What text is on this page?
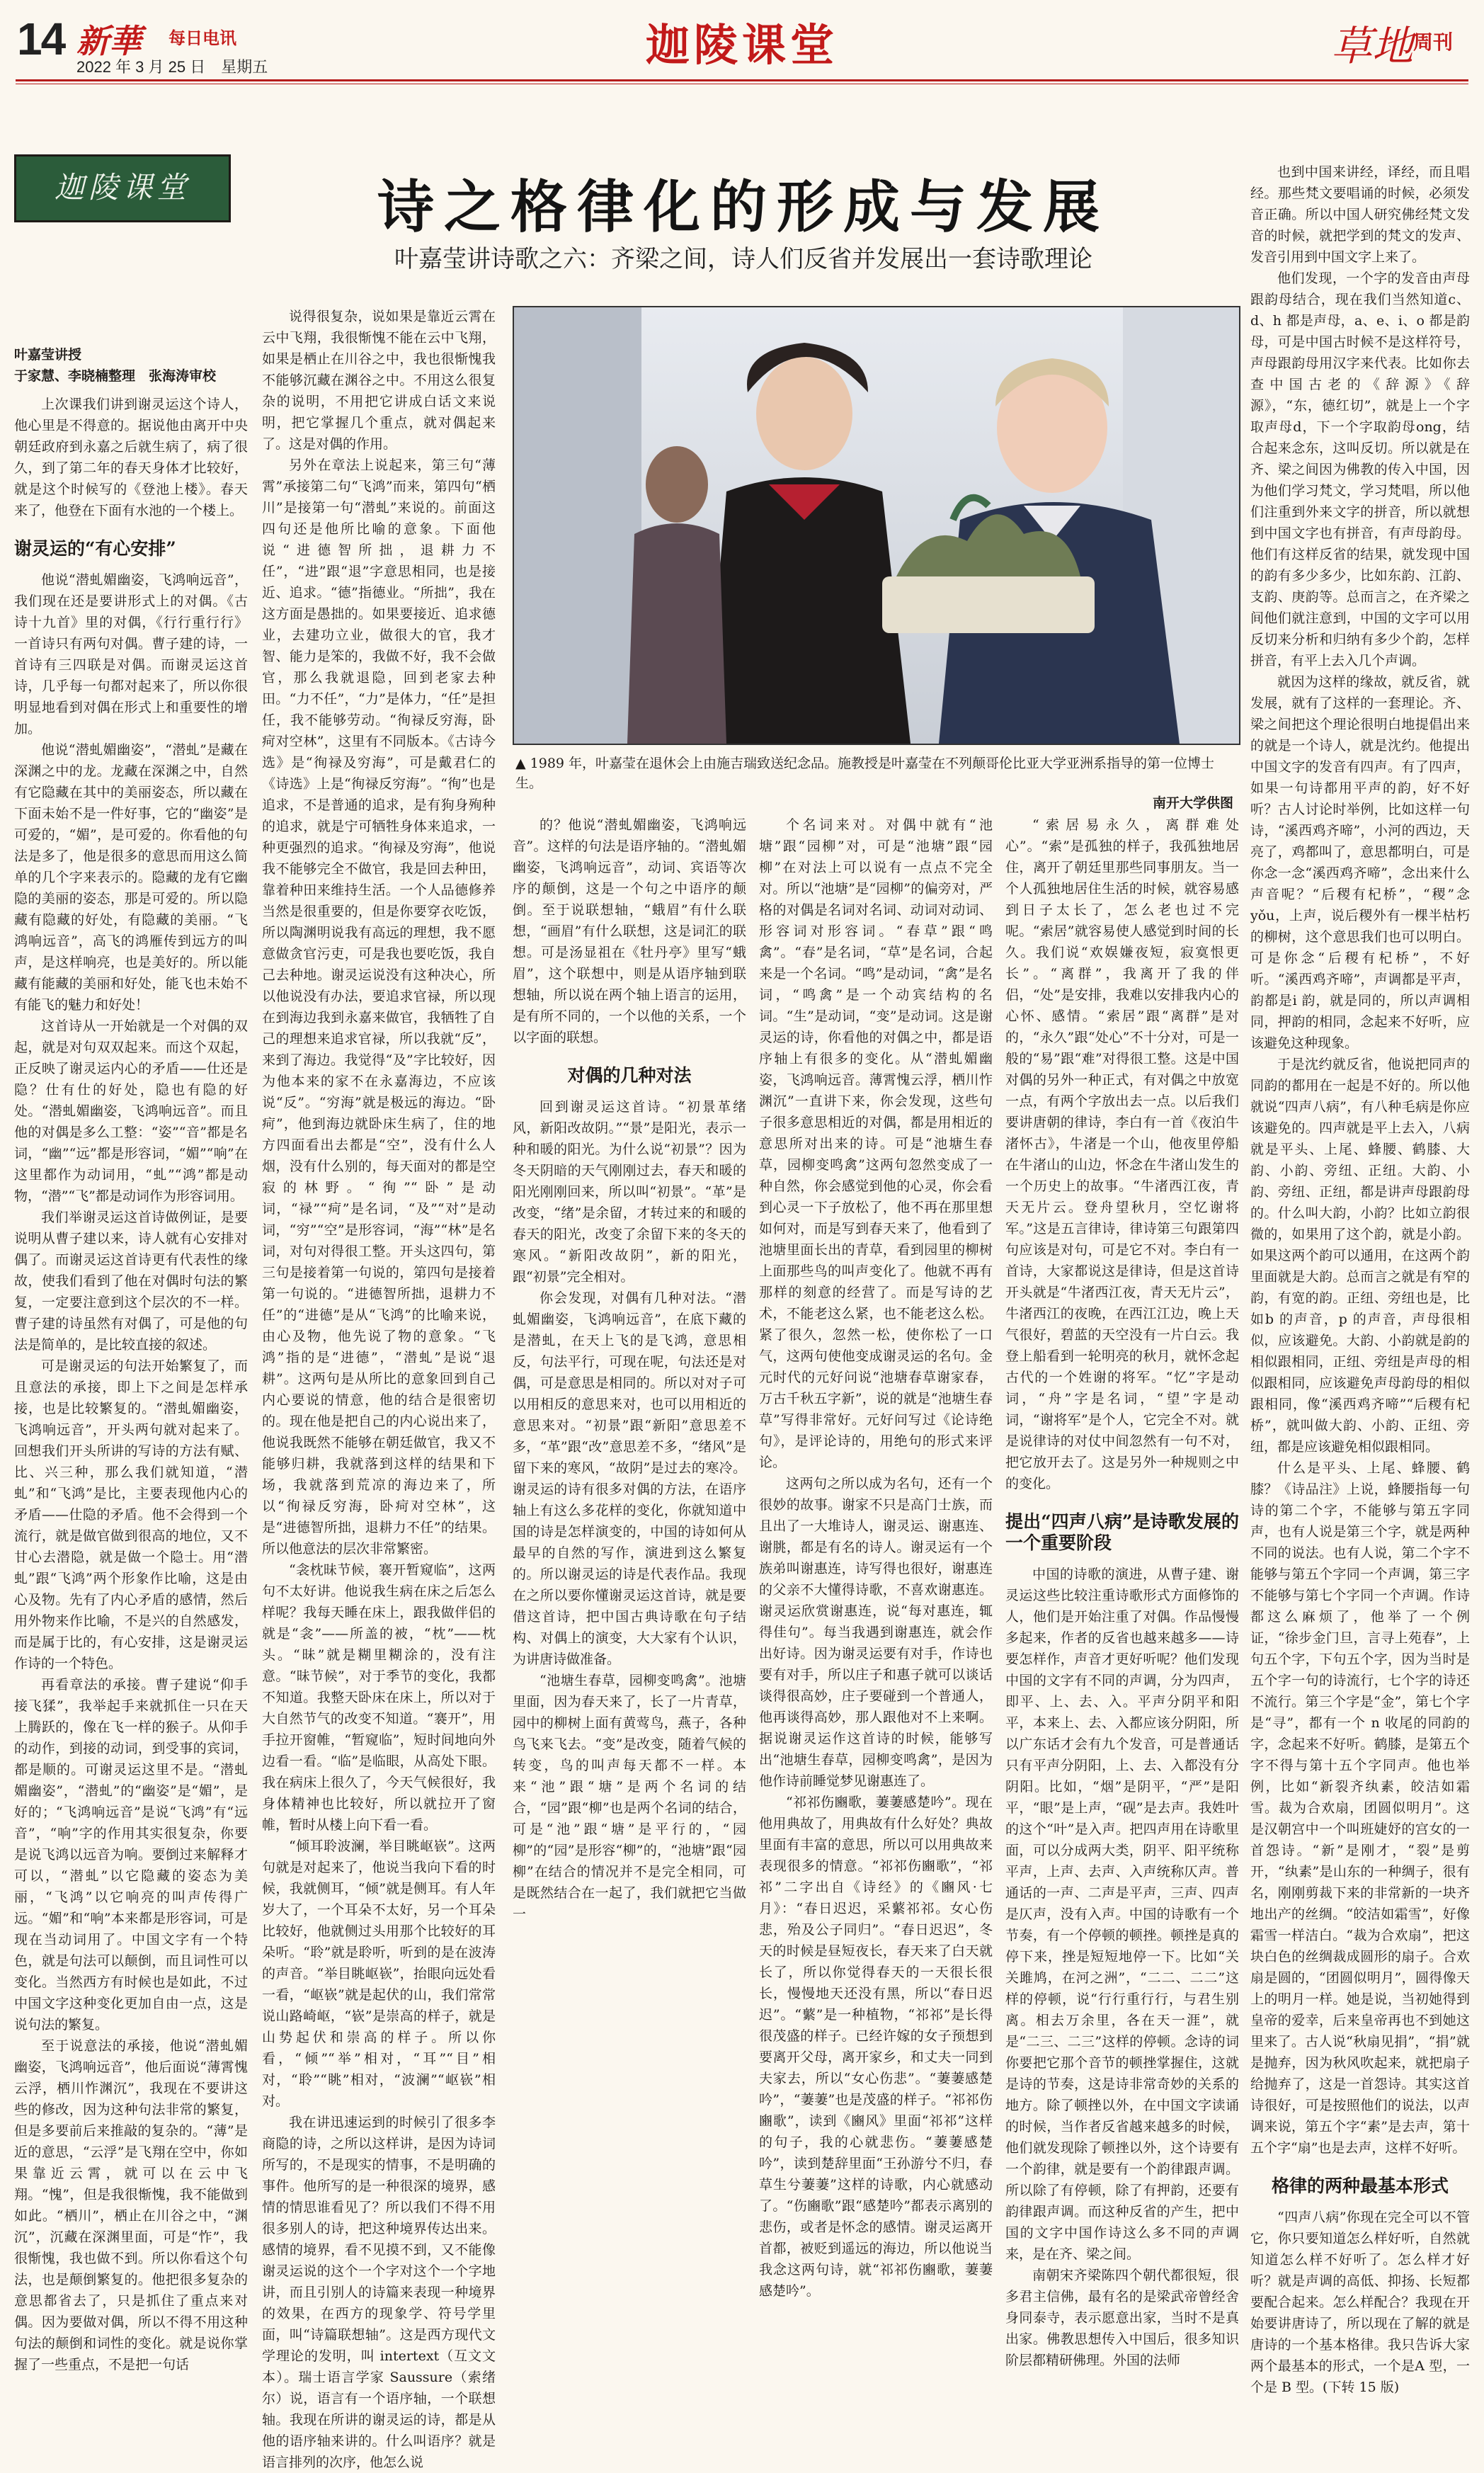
14 新華 每日电讯
2022 年 3 月 25 日　星期五	迦陵课堂	草地 周刊
迦陵课堂	诗之格律化的形成与发展
叶嘉莹讲诗歌之六：齐梁之间，诗人们反省并发展出一套诗歌理论
叶嘉莹讲授
于家慧、李晓楠整理　张海涛审校

上次课我们讲到谢灵运这个诗人，他心里是不得意的。据说他由离开中央朝廷政府到永嘉之后就生病了，病了很久，到了第二年的春天身体才比较好，就是这个时候写的《登池上楼》。春天来了，他登在下面有水池的一个楼上。

谢灵运的“有心安排”

他说“潜虬媚幽姿，飞鸿响远音”，我们现在还是要讲形式上的对偶。《古诗十九首》里的对偶，《行行重行行》一首诗只有两句对偶。曹子建的诗，一首诗有三四联是对偶。而谢灵运这首诗，几乎每一句都对起来了，所以你很明显地看到对偶在形式上和重要性的增加。

他说“潜虬媚幽姿”，“潜虬”是藏在深渊之中的龙。龙藏在深渊之中，自然有它隐藏在其中的美丽姿态，所以藏在下面未始不是一件好事，它的“幽姿”是可爱的，“媚”，是可爱的。你看他的句法是多了，他是很多的意思而用这么简单的几个字来表示的。隐藏的龙有它幽隐的美丽的姿态，那是可爱的。所以隐藏有隐藏的好处，有隐藏的美丽。“飞鸿响远音”，高飞的鸿雁传到远方的叫声，是这样响亮，也是美好的。所以能藏有能藏的美丽和好处，能飞也未始不有能飞的魅力和好处！

这首诗从一开始就是一个对偶的双起，就是对句双双起来。而这个双起，正反映了谢灵运内心的矛盾——仕还是隐？仕有仕的好处，隐也有隐的好处。“潜虬媚幽姿，飞鸿响远音”。而且他的对偶是多么工整：“姿”“音”都是名词，“幽”“远”都是形容词，“媚”“响”在这里都作为动词用，“虬”“鸿”都是动物，“潜”“飞”都是动词作为形容词用。

我们举谢灵运这首诗做例证，是要说明从曹子建以来，诗人就有心安排对偶了。而谢灵运这首诗更有代表性的缘故，使我们看到了他在对偶时句法的繁复，一定要注意到这个层次的不一样。曹子建的诗虽然有对偶了，可是他的句法是简单的，是比较直接的叙述。

可是谢灵运的句法开始繁复了，而且意法的承接，即上下之间是怎样承接，也是比较繁复的。“潜虬媚幽姿，飞鸿响远音”，开头两句就对起来了。回想我们开头所讲的写诗的方法有赋、比、兴三种，那么我们就知道，“潜虬”和“飞鸿”是比，主要表现他内心的矛盾——仕隐的矛盾。他不会得到一个流行，就是做官做到很高的地位，又不甘心去潜隐，就是做一个隐士。用“潜虬”跟“飞鸿”两个形象作比喻，这是由心及物。先有了内心矛盾的感情，然后用外物来作比喻，不是兴的自然感发，而是属于比的，有心安排，这是谢灵运作诗的一个特色。

再看章法的承接。曹子建说“仰手接飞猱”，我举起手来就抓住一只在天上腾跃的，像在飞一样的猴子。从仰手的动作，到接的动词，到受事的宾词，都是顺的。可谢灵运这里不是。“潜虬媚幽姿”，“潜虬”的“幽姿”是“媚”，是好的；“飞鸿响远音”是说“飞鸿”有“远音”，“响”字的作用其实很复杂，你要是说飞鸿以远音为响。要倒过来解释才可以，“潜虬”以它隐藏的姿态为美丽，“飞鸿”以它响亮的叫声传得广远。“媚”和“响”本来都是形容词，可是现在当动词用了。中国文字有一个特色，就是句法可以颠倒，而且词性可以变化。当然西方有时候也是如此，不过中国文字这种变化更加自由一点，这是说句法的繁复。

至于说意法的承接，他说“潜虬媚幽姿，飞鸿响远音”，他后面说“薄霄愧云浮，栖川怍渊沉”，我现在不要讲这些的修改，因为这种句法非常的繁复，但是多要前后来推敲的复杂的。“薄”是近的意思，“云浮”是飞翔在空中，你如果靠近云霄，就可以在云中飞翔。“愧”，但是我很惭愧，我不能做到如此。“栖川”，栖止在川谷之中，“渊沉”，沉藏在深渊里面，可是“怍”，我很惭愧，我也做不到。所以你看这个句法，也是颠倒繁复的。他把很多复杂的意思都省去了，只是抓住了重点来对偶。因为要做对偶，所以不得不用这种句法的颠倒和词性的变化。就是说你掌握了一些重点，不是把一句话

说得很复杂，说如果是靠近云霄在云中飞翔，我很惭愧不能在云中飞翔，如果是栖止在川谷之中，我也很惭愧我不能够沉藏在渊谷之中。不用这么很复杂的说明，不用把它讲成白话文来说明，把它掌握几个重点，就对偶起来了。这是对偶的作用。

另外在章法上说起来，第三句“薄霄”承接第二句“飞鸿”而来，第四句“栖川”是接第一句“潜虬”来说的。前面这四句还是他所比喻的意象。下面他说“进德智所拙，退耕力不任”，“进”跟“退”字意思相同，也是接近、追求。“德”指德业。“所拙”，我在这方面是愚拙的。如果要接近、追求德业，去建功立业，做很大的官，我才智、能力是笨的，我做不好，我不会做官，那么我就退隐，回到老家去种田。“力不任”，“力”是体力，“任”是担任，我不能够劳动。“徇禄反穷海，卧疴对空林”，这里有不同版本。《古诗今选》是“徇禄及穷海”，可是戴君仁的《诗选》上是“徇禄反穷海”。“徇”也是追求，不是普通的追求，是有狗身殉种的追求，就是宁可牺牲身体来追求，一种更强烈的追求。“徇禄及穷海”，他说我不能够完全不做官，我是回去种田，靠着种田来维持生活。一个人品德修养当然是很重要的，但是你要穿衣吃饭，所以陶渊明说我有高远的理想，我不愿意做贪官污吏，可是我也要吃饭，我自己去种地。谢灵运说没有这种决心，所以他说没有办法，要追求官禄，所以现在到海边我到永嘉来做官，我牺牲了自己的理想来追求官禄，所以我就“反”，来到了海边。我觉得“及”字比较好，因为他本来的家不在永嘉海边，不应该说“反”。“穷海”就是极远的海边。“卧疴”，他到海边就卧床生病了，住的地方四面看出去都是“空”，没有什么人烟，没有什么别的，每天面对的都是空寂的林野。“徇”“卧”是动词，“禄”“疴”是名词，“及”“对”是动词，“穷”“空”是形容词，“海”“林”是名词，对句对得很工整。开头这四句，第三句是接着第一句说的，第四句是接着第一句说的。“进德智所拙，退耕力不任”的“进德”是从“飞鸿”的比喻来说，由心及物，他先说了物的意象。“飞鸿”指的是“进德”，“潜虬”是说“退耕”。这两句是从所比的意象回到自己内心要说的情意，他的结合是很密切的。现在他是把自己的内心说出来了，他说我既然不能够在朝廷做官，我又不能够归耕，我就落到这样的结果和下场，我就落到荒凉的海边来了，所以“徇禄反穷海，卧疴对空林”，这是“进德智所拙，退耕力不任”的结果。所以他意法的层次非常繁密。

“衾枕昧节候，褰开暂窥临”，这两句不太好讲。他说我生病在床之后怎么样呢？我每天睡在床上，跟我做伴侣的就是“衾”——所盖的被，“枕”——枕头。“昧”就是糊里糊涂的，没有注意。“昧节候”，对于季节的变化，我都不知道。我整天卧床在床上，所以对于大自然节气的改变不知道。“褰开”，用手拉开窗帷，“暂窥临”，短时间地向外边看一看。“临”是临眼，从高处下眼。我在病床上很久了，今天气候很好，我身体精神也比较好，所以就拉开了窗帷，暂时从楼上向下看一看。

“倾耳聆波澜，举目眺岖嵚”。这两句就是对起来了，他说当我向下看的时候，我就侧耳，“倾”就是侧耳。有人年岁大了，一个耳朵不太好，另一个耳朵比较好，他就侧过头用那个比较好的耳朵听。“聆”就是聆听，听到的是在波涛的声音。“举目眺岖嵚”，抬眼向远处看一看，“岖嵚”就是起伏的山，我们常常说山路崎岖，“嵚”是崇高的样子，就是山势起伏和崇高的样子。所以你看，“倾”“举”相对，“耳”“目”相对，“聆”“眺”相对，“波澜”“岖嵚”相对。

我在讲迅速运到的时候引了很多李商隐的诗，之所以这样讲，是因为诗词所写的，不是现实的情事，不是明确的事件。他所写的是一种很深的境界，感情的情思谁看见了？所以我们不得不用很多别人的诗，把这种境界传达出来。感情的境界，看不见摸不到，又不能像谢灵运说的这个一个字对这个一个字地讲，而且引别人的诗篇来表现一种境界的效果，在西方的现象学、符号学里面，叫“诗篇联想轴”。这是西方现代文学理论的发明，叫 intertext（互文文本）。瑞士语言学家 Saussure（索绪尔）说，语言有一个语序轴，一个联想轴。我现在所讲的谢灵运的诗，都是从他的语序轴来讲的。什么叫语序？就是语言排列的次序，他怎么说

▲ 1989 年，叶嘉莹在退休会上由施吉瑞致送纪念品。施教授是叶嘉莹在不列颠哥伦比亚大学亚洲系指导的第一位博士生。
南开大学供图

的？他说“潜虬媚幽姿，飞鸿响远音”。这样的句法是语序轴的。“潜虬媚幽姿，飞鸿响远音”，动词、宾语等次序的颠倒，这是一个句之中语序的颠倒。至于说联想轴，“蛾眉”有什么联想，“画眉”有什么联想，这是词汇的联想。可是汤显祖在《牡丹亭》里写“蛾眉”，这个联想中，则是从语序轴到联想轴，所以说在两个轴上语言的运用，是有所不同的，一个以他的关系，一个以字面的联想。

对偶的几种对法

回到谢灵运这首诗。“初景革绪风，新阳改故阴。”“景”是阳光，表示一种和暖的阳光。为什么说“初景”？因为冬天阴暗的天气刚刚过去，春天和暖的阳光刚刚回来，所以叫“初景”。“革”是改变，“绪”是余留，才转过来的和暖的春天的阳光，改变了余留下来的冬天的寒风。“新阳改故阴”，新的阳光，跟“初景”完全相对。

你会发现，对偶有几种对法。“潜虬媚幽姿，飞鸿响远音”，在底下藏的是潜虬，在天上飞的是飞鸿，意思相反，句法平行，可现在呢，句法还是对偶，可是意思是相同的。所以对对子可以用相反的意思来对，也可以用相近的意思来对。“初景”跟“新阳”意思差不多，“革”跟“改”意思差不多，“绪风”是留下来的寒风，“故阴”是过去的寒冷。谢灵运的诗有很多对偶的方法，在语序轴上有这么多花样的变化，你就知道中国的诗是怎样演变的，中国的诗如何从最早的自然的写作，演进到这么繁复的。所以谢灵运的诗是代表作品。我现在之所以要你懂谢灵运这首诗，就是要借这首诗，把中国古典诗歌在句子结构、对偶上的演变，大大家有个认识，为讲唐诗做准备。

“池塘生春草，园柳变鸣禽”。池塘里面，因为春天来了，长了一片青草，园中的柳树上面有黄莺鸟，燕子，各种鸟飞来飞去。“变”是改变，随着气候的转变，鸟的叫声每天都不一样。本来“池”跟“塘”是两个名词的结合，“园”跟“柳”也是两个名词的结合，可是“池”跟“塘”是平行的，“园柳”的“园”是形容“柳”的，“池塘”跟“园柳”在结合的情况并不是完全相同，可是既然结合在一起了，我们就把它当做一

个名词来对。对偶中就有“池塘”跟“园柳”对，可是“池塘”跟“园柳”在对法上可以说有一点点不完全对。所以“池塘”是“园柳”的偏旁对，严格的对偶是名词对名词、动词对动词、形容词对形容词。“春草”跟“鸣禽”。“春”是名词，“草”是名词，合起来是一个名词。“鸣”是动词，“禽”是名词，“鸣禽”是一个动宾结构的名词。“生”是动词，“变”是动词。这是谢灵运的诗，你看他的对偶之中，都是语序轴上有很多的变化。从“潜虬媚幽姿，飞鸿响远音。薄霄愧云浮，栖川怍渊沉”一直讲下来，你会发现，这些句子很多意思相近的对偶，都是用相近的意思所对出来的诗。可是“池塘生春草，园柳变鸣禽”这两句忽然变成了一种自然，你会感觉到他的心灵，你会看到心灵一下子放松了，他不再在那里想如何对，而是写到春天来了，他看到了池塘里面长出的青草，看到园里的柳树上面那些鸟的叫声变化了。他就不再有那样的刻意的经营了。而是写诗的艺术，不能老这么紧，也不能老这么松。紧了很久，忽然一松，使你松了一口气，这两句使他变成谢灵运的名句。金元时代的元好问说“池塘春草谢家春，万古千秋五字新”，说的就是“池塘生春草”写得非常好。元好问写过《论诗绝句》，是评论诗的，用绝句的形式来评论。

这两句之所以成为名句，还有一个很妙的故事。谢家不只是高门士族，而且出了一大堆诗人，谢灵运、谢惠连、谢朓，都是有名的诗人。谢灵运有一个族弟叫谢惠连，诗写得也很好，谢惠连的父亲不大懂得诗歌，不喜欢谢惠连。谢灵运欣赏谢惠连，说“每对惠连，辄得佳句”。每当我遇到谢惠连，就会作出好诗。因为谢灵运要有对手，作诗也要有对手，所以庄子和惠子就可以谈话谈得很高妙，庄子要碰到一个普通人，他再谈得高妙，那人跟他对不上来啊。据说谢灵运作这首诗的时候，能够写出“池塘生春草，园柳变鸣禽”，是因为他作诗前睡觉梦见谢惠连了。

“祁祁伤豳歌，萋萋感楚吟”。现在他用典故了，用典故有什么好处？典故里面有丰富的意思，所以可以用典故来表现很多的情意。“祁祁伤豳歌”，“祁祁”二字出自《诗经》的《豳风·七月》：“春日迟迟，采蘩祁祁。女心伤悲，殆及公子同归”。“春日迟迟”，冬天的时候是昼短夜长，春天来了白天就长了，所以你觉得春天的一天很长很长，慢慢地天还没有黑，所以“春日迟迟”。“蘩”是一种植物，“祁祁”是长得很茂盛的样子。已经许嫁的女子预想到要离开父母，离开家乡，和丈夫一同到夫家去，所以“女心伤悲”。“萋萋感楚吟”，“萋萋”也是茂盛的样子。“祁祁伤豳歌”，读到《豳风》里面“祁祁”这样的句子，我的心就悲伤。“萋萋感楚吟”，读到楚辞里面“王孙游兮不归，春草生兮萋萋”这样的诗歌，内心就感动了。“伤豳歌”跟“感楚吟”都表示离别的悲伤，或者是怀念的感情。谢灵运离开首都，被贬到遥远的海边，所以他说当我念这两句诗，就“祁祁伤豳歌，萋萋感楚吟”。

“索居易永久，离群难处心”。“索”是孤独的样子，我孤独地居住，离开了朝廷里那些同事朋友。当一个人孤独地居住生活的时候，就容易感到日子太长了，怎么老也过不完呢。“索居”就容易使人感觉到时间的长久。我们说“欢娱嫌夜短，寂寞恨更长”。“离群”，我离开了我的伴侣，“处”是安排，我难以安排我内心的心怀、感情。“索居”跟“离群”是对的，“永久”跟“处心”不十分对，可是一般的“易”跟“难”对得很工整。这是中国对偶的另外一种正式，有对偶之中放宽一点，有两个字放出去一点。以后我们要讲唐朝的律诗，李白有一首《夜泊牛渚怀古》，牛渚是一个山，他夜里停船在牛渚山的山边，怀念在牛渚山发生的一个历史上的故事。“牛渚西江夜，青天无片云。登舟望秋月，空忆谢将军。”这是五言律诗，律诗第三句跟第四句应该是对句，可是它不对。李白有一首诗，大家都说这是律诗，但是这首诗开头就是“牛渚西江夜，青天无片云”，牛渚西江的夜晚，在西江江边，晚上天气很好，碧蓝的天空没有一片白云。我登上船看到一轮明亮的秋月，就怀念起古代的一个姓谢的将军。“忆”字是动词，“舟”字是名词，“望”字是动词，“谢将军”是个人，它完全不对。就是说律诗的对仗中间忽然有一句不对，把它放开去了。这是另外一种规则之中的变化。

提出“四声八病”是诗歌发展的一个重要阶段

中国的诗歌的演进，从曹子建、谢灵运这些比较注重诗歌形式方面修饰的人，他们是开始注重了对偶。作品慢慢多起来，作者的反省也越来越多——诗要怎样作，声音才更好听呢？他们发现中国的文字有不同的声调，分为四声，即平、上、去、入。平声分阴平和阳平，本来上、去、入都应该分阴阳，所以广东话才会有九个发音，可是普通话只有平声分阴阳，上、去、入都没有分阴阳。比如，“烟”是阴平，“严”是阳平，“眼”是上声，“砚”是去声。我姓叶的这个“叶”是入声。把四声用在诗歌里面，可以分成两大类，阴平、阳平统称平声，上声、去声、入声统称仄声。普通话的一声、二声是平声，三声、四声是仄声，没有入声。中国的诗歌有一个节奏，有一个停顿的顿挫。顿挫是真的停下来，挫是短短地停一下。比如“关关雎鸠，在河之洲”，“二二、二二”这样的停顿，说“行行重行行，与君生别离。相去万余里，各在天一涯”，就是“二三、二三”这样的停顿。念诗的词你要把它那个音节的顿挫掌握住，这就是诗的节奏，这是诗非常奇妙的关系的地方。除了顿挫以外，在中国文字读诵的时候，当作者反省越来越多的时候，他们就发现除了顿挫以外，这个诗要有一个韵律，就是要有一个韵律跟声调。所以除了有停顿，除了有押韵，还要有韵律跟声调。而这种反省的产生，把中国的文字中国作诗这么多不同的声调来，是在齐、梁之间。

南朝宋齐梁陈四个朝代都很短，很多君主信佛，最有名的是梁武帝曾经舍身同泰寺，表示愿意出家，当时不是真出家。佛教思想传入中国后，很多知识阶层都精研佛理。外国的法师

也到中国来讲经，译经，而且唱经。那些梵文要唱诵的时候，必须发音正确。所以中国人研究佛经梵文发音的时候，就把学到的梵文的发声、发音引用到中国文字上来了。

他们发现，一个字的发音由声母跟韵母结合，现在我们当然知道c、d、h 都是声母，a、e、i、o 都是韵母，可是中国古时候不是这样符号，声母跟韵母用汉字来代表。比如你去查中国古老的《辞源》《辞源》，“东，德红切”，就是上一个字取声母d，下一个字取韵母ong，结合起来念东，这叫反切。所以就是在齐、梁之间因为佛教的传入中国，因为他们学习梵文，学习梵唱，所以他们注重到外来文字的拼音，所以就想到中国文字也有拼音，有声母韵母。他们有这样反省的结果，就发现中国的韵有多少多少，比如东韵、江韵、支韵、庚韵等。总而言之，在齐梁之间他们就注意到，中国的文字可以用反切来分析和归纳有多少个韵，怎样拼音，有平上去入几个声调。

就因为这样的缘故，就反省，就发展，就有了这样的一套理论。齐、梁之间把这个理论很明白地提倡出来的就是一个诗人，就是沈约。他提出中国文字的发音有四声。有了四声，如果一句诗都用平声的韵，好不好听？古人讨论时举例，比如这样一句诗，“溪西鸡齐啼”，小河的西边，天亮了，鸡都叫了，意思都明白，可是你念一念“溪西鸡齐啼”，念出来什么声音呢？“后稷有杞桥”，“稷”念yǒu，上声，说后稷外有一棵半枯朽的柳树，这个意思我们也可以明白。可是你念“后稷有杞桥”，不好听。“溪西鸡齐啼”，声调都是平声，韵都是i 韵，就是同的，所以声调相同，押韵的相同，念起来不好听，应该避免这种现象。

于是沈约就反省，他说把同声的同韵的都用在一起是不好的。所以他就说“四声八病”，有八种毛病是你应该避免的。四声就是平上去入，八病就是平头、上尾、蜂腰、鹤膝、大韵、小韵、旁纽、正纽。大韵、小韵、旁纽、正纽，都是讲声母跟韵母的。什么叫大韵，小韵？比如立韵很微的，如果用了这个韵，就是小韵。如果这两个韵可以通用，在这两个韵里面就是大韵。总而言之就是有窄的韵，有宽的韵。正纽、旁纽也是，比如b 的声音，p 的声音，声母很相似，应该避免。大韵、小韵就是韵的相似跟相同，正纽、旁纽是声母的相似跟相同，应该避免声母韵母的相似跟相同，像“溪西鸡齐啼”“后稷有杞桥”，就叫做大韵、小韵、正纽、旁纽，都是应该避免相似跟相同。

什么是平头、上尾、蜂腰、鹤膝？《诗品注》上说，蜂腰指每一句诗的第二个字，不能够与第五字同声，也有人说是第三个字，就是两种不同的说法。也有人说，第二个字不能够与第五个字同一个声调，第三字不能够与第七个字同一个声调。作诗都这么麻烦了，他举了一个例证，“徐步金门旦，言寻上苑春”，上句五个字，下句五个字，因为当时是五个字一句的诗流行，七个字的诗还不流行。第三个字是“金”，第七个字是“寻”，都有一个 n 收尾的同韵的字，念起来不好听。鹤膝，是第五个字不得与第十五个字同声。他也举例，比如“新裂齐纨素，皎洁如霜雪。裁为合欢扇，团圆似明月”。这是汉朝宫中一个叫班婕妤的宫女的一首怨诗。“新”是刚才，“裂”是剪开，“纨素”是山东的一种绸子，很有名，刚刚剪裁下来的非常新的一块齐地出产的丝绸。“皎洁如霜雪”，好像霜雪一样洁白。“裁为合欢扇”，把这块白色的丝绸裁成圆形的扇子。合欢扇是圆的，“团圆似明月”，圆得像天上的明月一样。她是说，当初她得到皇帝的爱幸，后来皇帝再也不到她这里来了。古人说“秋扇见捐”，“捐”就是抛弃，因为秋风吹起来，就把扇子给抛弃了，这是一首怨诗。其实这首诗很好，可是按照他们的说法，以声调来说，第五个字“素”是去声，第十五个字“扇”也是去声，这样不好听。

格律的两种最基本形式

“四声八病”你现在完全可以不管它，你只要知道怎么样好听，自然就知道怎么样不好听了。怎么样才好听？就是声调的高低、抑扬、长短都要配合起来。怎么样配合？我现在开始要讲唐诗了，所以现在了解的就是唐诗的一个基本格律。我只告诉大家两个最基本的形式，一个是A 型，一个是 B 型。(下转 15 版)
